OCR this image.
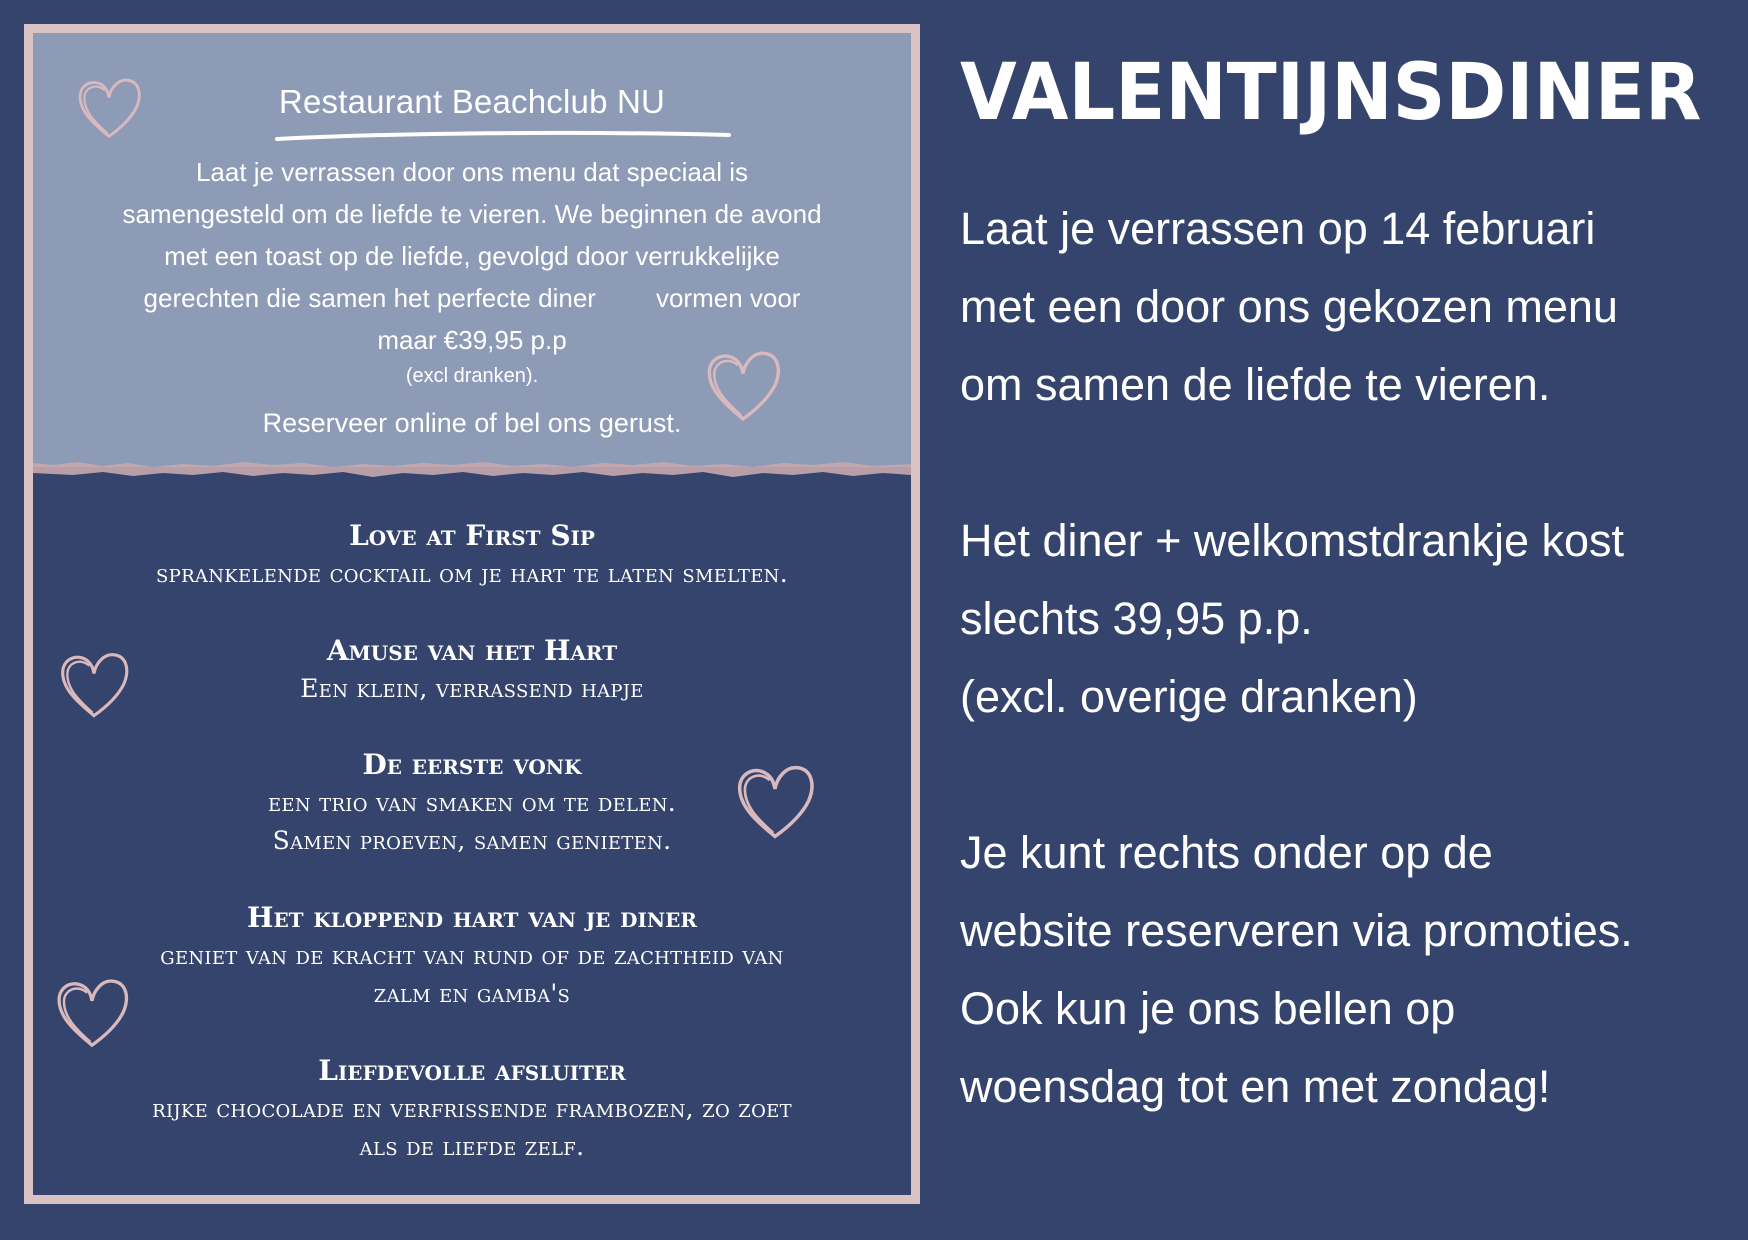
Restaurant Beachclub NU
Laat je verrassen door ons menu dat speciaal is
samengesteld om de liefde te vieren. We beginnen de avond
met een toast op de liefde, gevolgd door verrukkelijke
gerechten die samen het perfecte diner vormen voor
maar €39,95 p.p
(excl dranken).
Reserveer online of bel ons gerust.
Love at First Sip
sprankelende cocktail om je hart te laten smelten.
Amuse van het Hart
Een klein, verrassend hapje
De eerste vonk
een trio van smaken om te delen.
Samen proeven, samen genieten.
Het kloppend hart van je diner
geniet van de kracht van rund of de zachtheid van
zalm en gamba's
Liefdevolle afsluiter
rijke chocolade en verfrissende frambozen, zo zoet
als de liefde zelf.
VALENTIJNSDINER
Laat je verrassen op 14 februari
met een door ons gekozen menu
om samen de liefde te vieren.
Het diner + welkomstdrankje kost
slechts 39,95 p.p.
(excl. overige dranken)
Je kunt rechts onder op de
website reserveren via promoties.
Ook kun je ons bellen op
woensdag tot en met zondag!
